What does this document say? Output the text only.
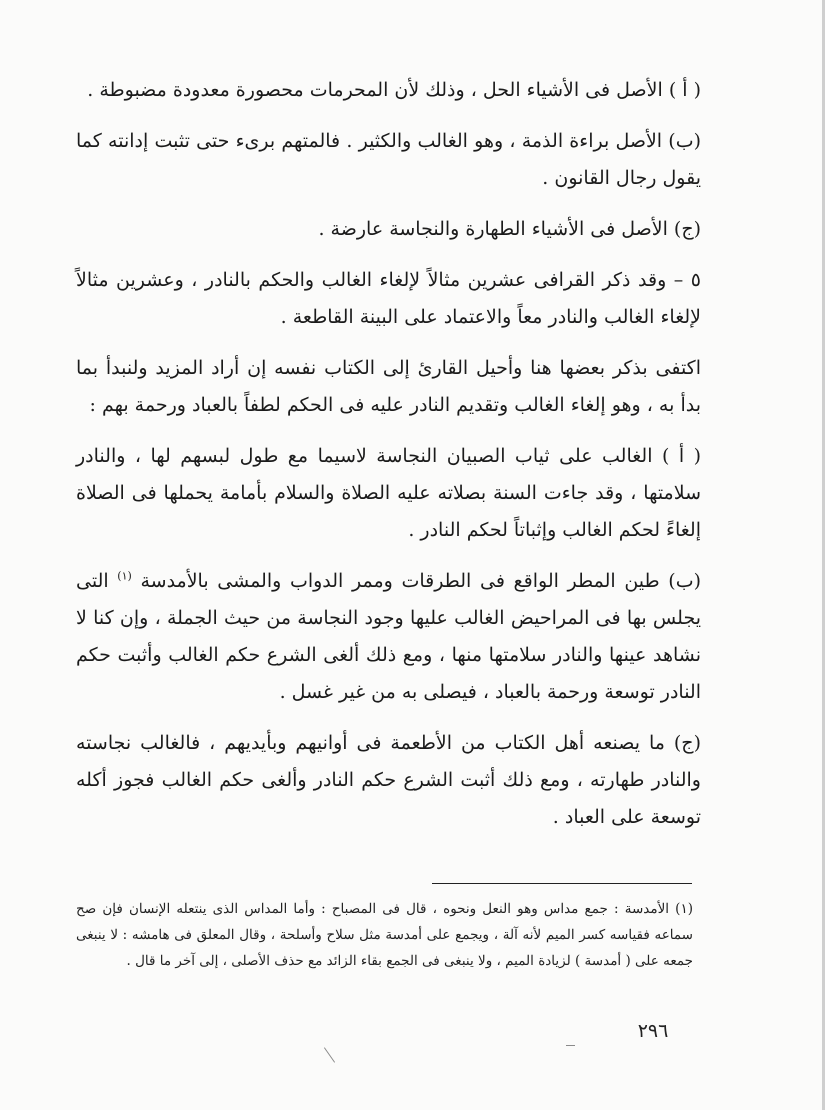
( أ ) الأصل فى الأشياء الحل ، وذلك لأن المحرمات محصورة معدودة مضبوطة .

(ب) الأصل براءة الذمة ، وهو الغالب والكثير . فالمتهم برىء حتى تثبت إدانته كما يقول رجال القانون .

(ج) الأصل فى الأشياء الطهارة والنجاسة عارضة .

٥ – وقد ذكر القرافى عشرين مثالاً لإلغاء الغالب والحكم بالنادر ، وعشرين مثالاً لإلغاء الغالب والنادر معاً والاعتماد على البينة القاطعة .

اكتفى بذكر بعضها هنا وأحيل القارئ إلى الكتاب نفسه إن أراد المزيد ولنبدأ بما بدأ به ، وهو إلغاء الغالب وتقديم النادر عليه فى الحكم لطفاً بالعباد ورحمة بهم :

( أ ) الغالب على ثياب الصبيان النجاسة لاسيما مع طول لبسهم لها ، والنادر سلامتها ، وقد جاءت السنة بصلاته عليه الصلاة والسلام بأمامة يحملها فى الصلاة إلغاءً لحكم الغالب وإثباتاً لحكم النادر .

(ب) طين المطر الواقع فى الطرقات وممر الدواب والمشى بالأمدسة $^{(١)}$ التى يجلس بها فى المراحيض الغالب عليها وجود النجاسة من حيث الجملة ، وإن كنا لا نشاهد عينها والنادر سلامتها منها ، ومع ذلك ألغى الشرع حكم الغالب وأثبت حكم النادر توسعة ورحمة بالعباد ، فيصلى به من غير غسل .

(ج) ما يصنعه أهل الكتاب من الأطعمة فى أوانيهم وبأيديهم ، فالغالب نجاسته والنادر طهارته ، ومع ذلك أثبت الشرع حكم النادر وألغى حكم الغالب فجوز أكله توسعة على العباد .

(١) الأمدسة : جمع مداس وهو النعل ونحوه ، قال فى المصباح : وأما المداس الذى ينتعله الإنسان فإن صح سماعه فقياسه كسر الميم لأنه آلة ، ويجمع على أمدسة مثل سلاح وأسلحة ، وقال المعلق فى هامشه : لا ينبغى جمعه على ( أمدسة ) لزيادة الميم ، ولا ينبغى فى الجمع بقاء الزائد مع حذف الأصلى ، إلى آخر ما قال .
٢٩٦
